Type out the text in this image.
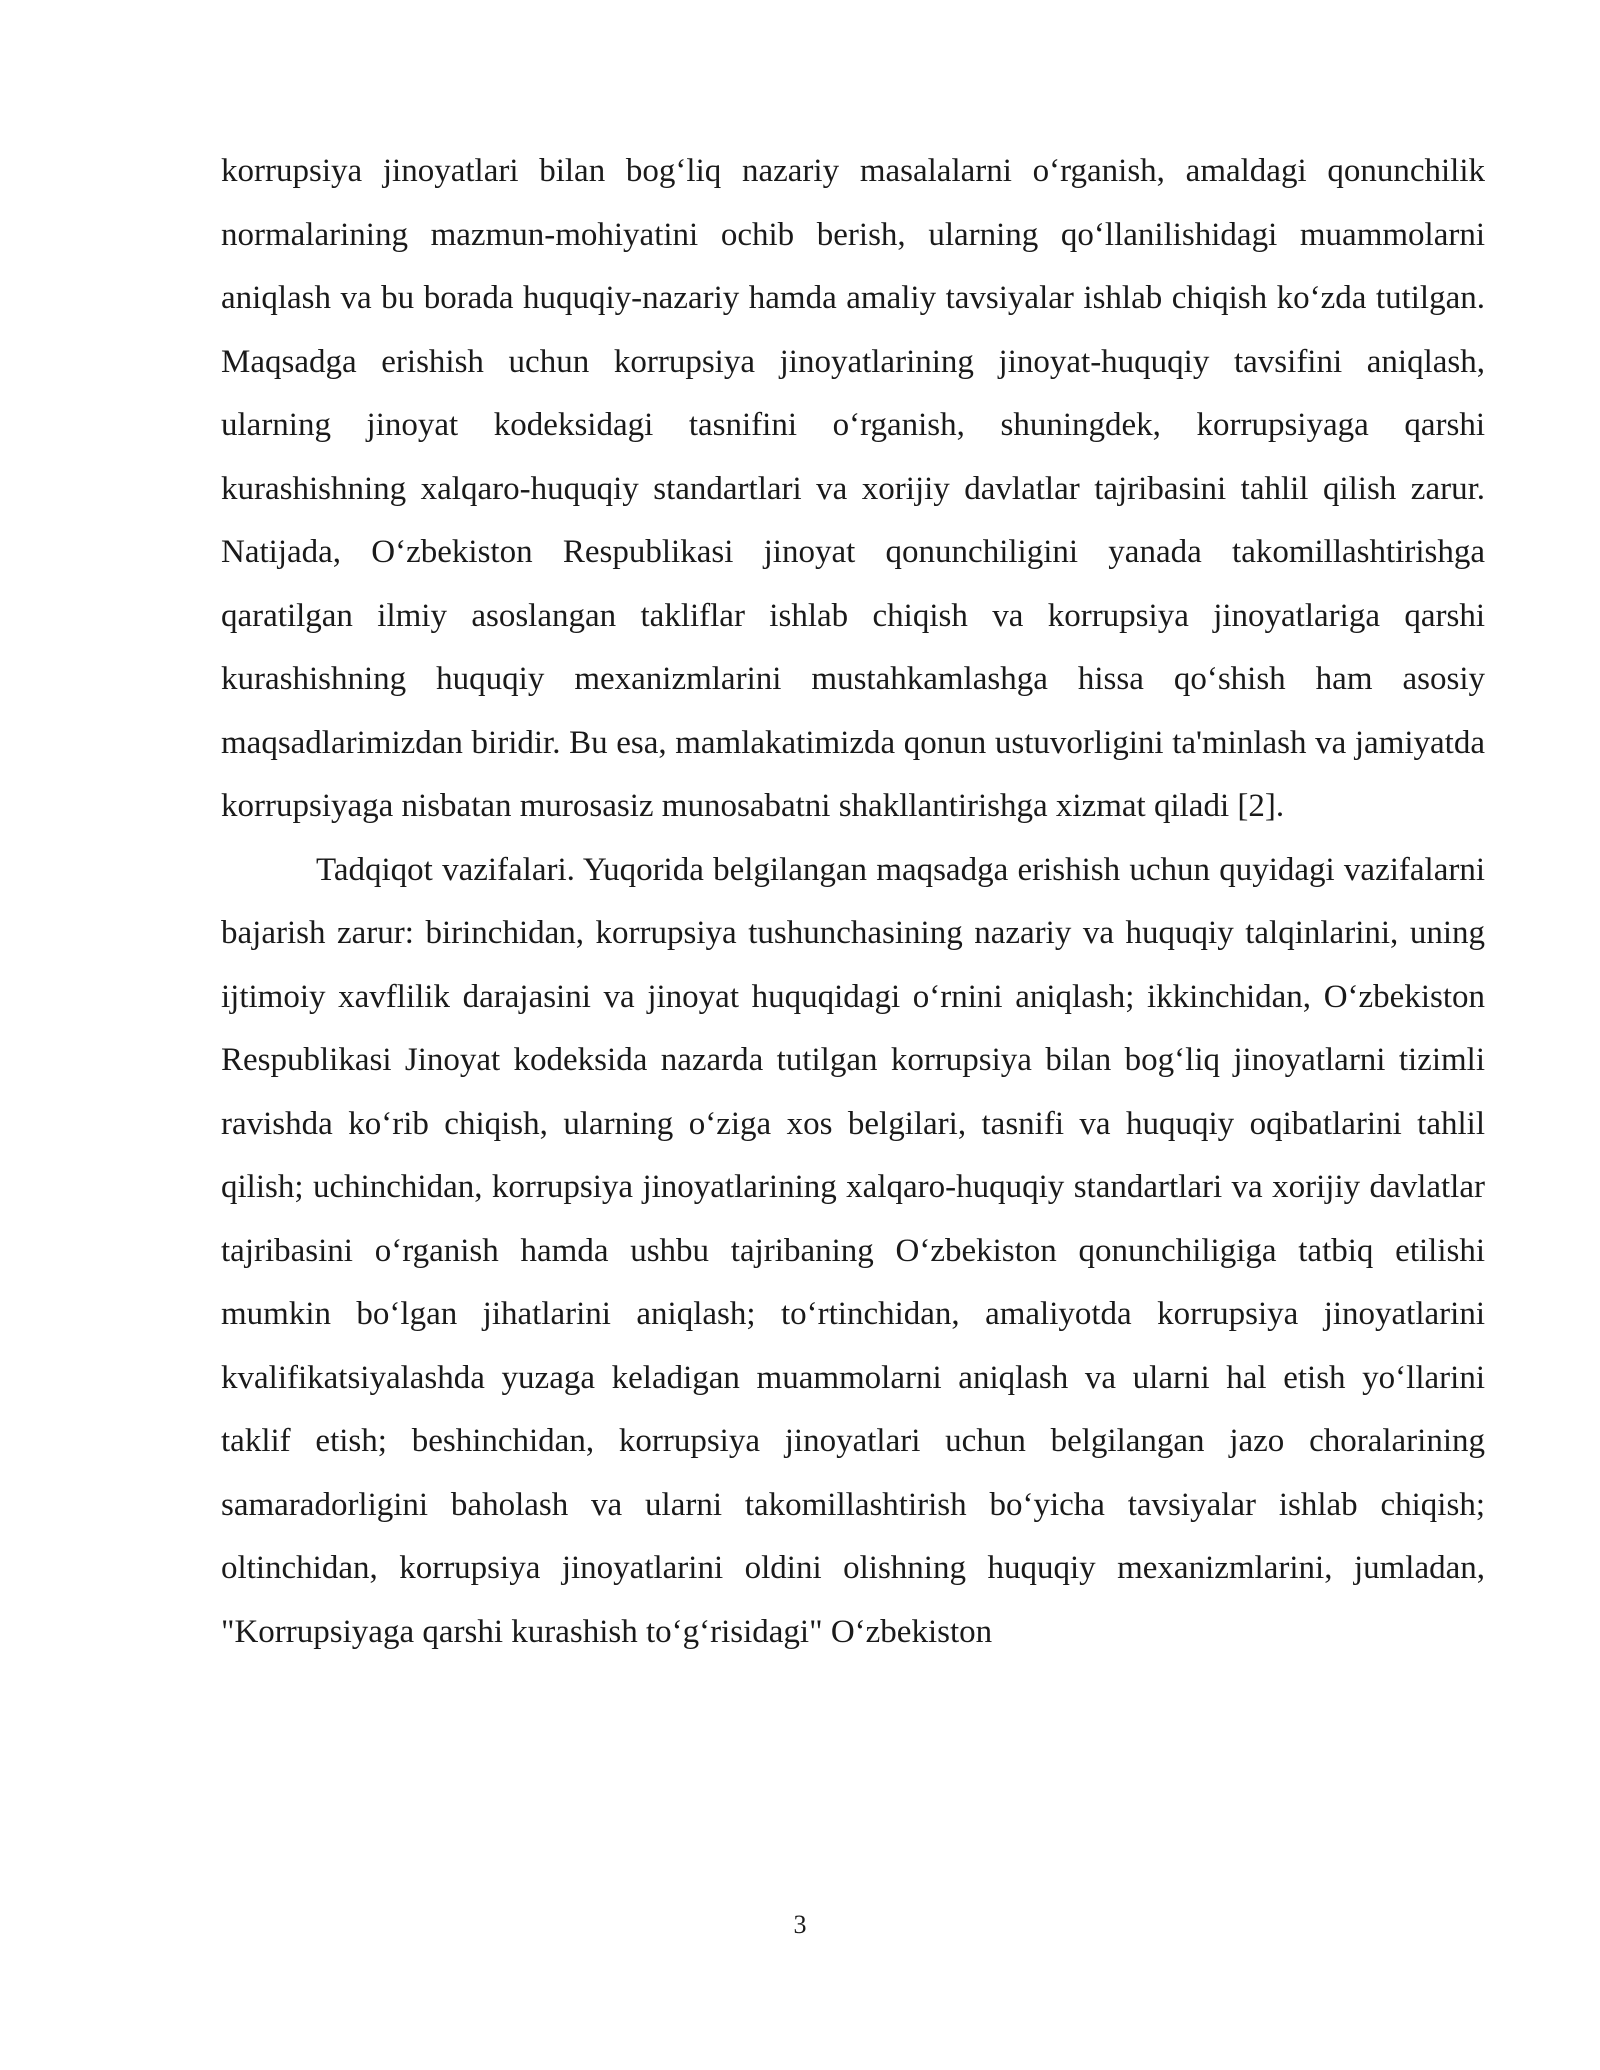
korrupsiya jinoyatlari bilan bog‘liq nazariy masalalarni o‘rganish, amaldagi qonunchilik normalarining mazmun-mohiyatini ochib berish, ularning qo‘llanilishidagi muammolarni aniqlash va bu borada huquqiy-nazariy hamda amaliy tavsiyalar ishlab chiqish ko‘zda tutilgan. Maqsadga erishish uchun korrupsiya jinoyatlarining jinoyat-huquqiy tavsifini aniqlash, ularning jinoyat kodeksidagi tasnifini o‘rganish, shuningdek, korrupsiyaga qarshi kurashishning xalqaro-huquqiy standartlari va xorijiy davlatlar tajribasini tahlil qilish zarur. Natijada, O‘zbekiston Respublikasi jinoyat qonunchiligini yanada takomillashtirishga qaratilgan ilmiy asoslangan takliflar ishlab chiqish va korrupsiya jinoyatlariga qarshi kurashishning huquqiy mexanizmlarini mustahkamlashga hissa qo‘shish ham asosiy maqsadlarimizdan biridir. Bu esa, mamlakatimizda qonun ustuvorligini ta'minlash va jamiyatda korrupsiyaga nisbatan murosasiz munosabatni shakllantirishga xizmat qiladi [2].

Tadqiqot vazifalari. Yuqorida belgilangan maqsadga erishish uchun quyidagi vazifalarni bajarish zarur: birinchidan, korrupsiya tushunchasining nazariy va huquqiy talqinlarini, uning ijtimoiy xavflilik darajasini va jinoyat huquqidagi o‘rnini aniqlash; ikkinchidan, O‘zbekiston Respublikasi Jinoyat kodeksida nazarda tutilgan korrupsiya bilan bog‘liq jinoyatlarni tizimli ravishda ko‘rib chiqish, ularning o‘ziga xos belgilari, tasnifi va huquqiy oqibatlarini tahlil qilish; uchinchidan, korrupsiya jinoyatlarining xalqaro-huquqiy standartlari va xorijiy davlatlar tajribasini o‘rganish hamda ushbu tajribaning O‘zbekiston qonunchiligiga tatbiq etilishi mumkin bo‘lgan jihatlarini aniqlash; to‘rtinchidan, amaliyotda korrupsiya jinoyatlarini kvalifikatsiyalashda yuzaga keladigan muammolarni aniqlash va ularni hal etish yo‘llarini taklif etish; beshinchidan, korrupsiya jinoyatlari uchun belgilangan jazo choralarining samaradorligini baholash va ularni takomillashtirish bo‘yicha tavsiyalar ishlab chiqish; oltinchidan, korrupsiya jinoyatlarini oldini olishning huquqiy mexanizmlarini, jumladan, "Korrupsiyaga qarshi kurashish to‘g‘risidagi" O‘zbekiston

3
